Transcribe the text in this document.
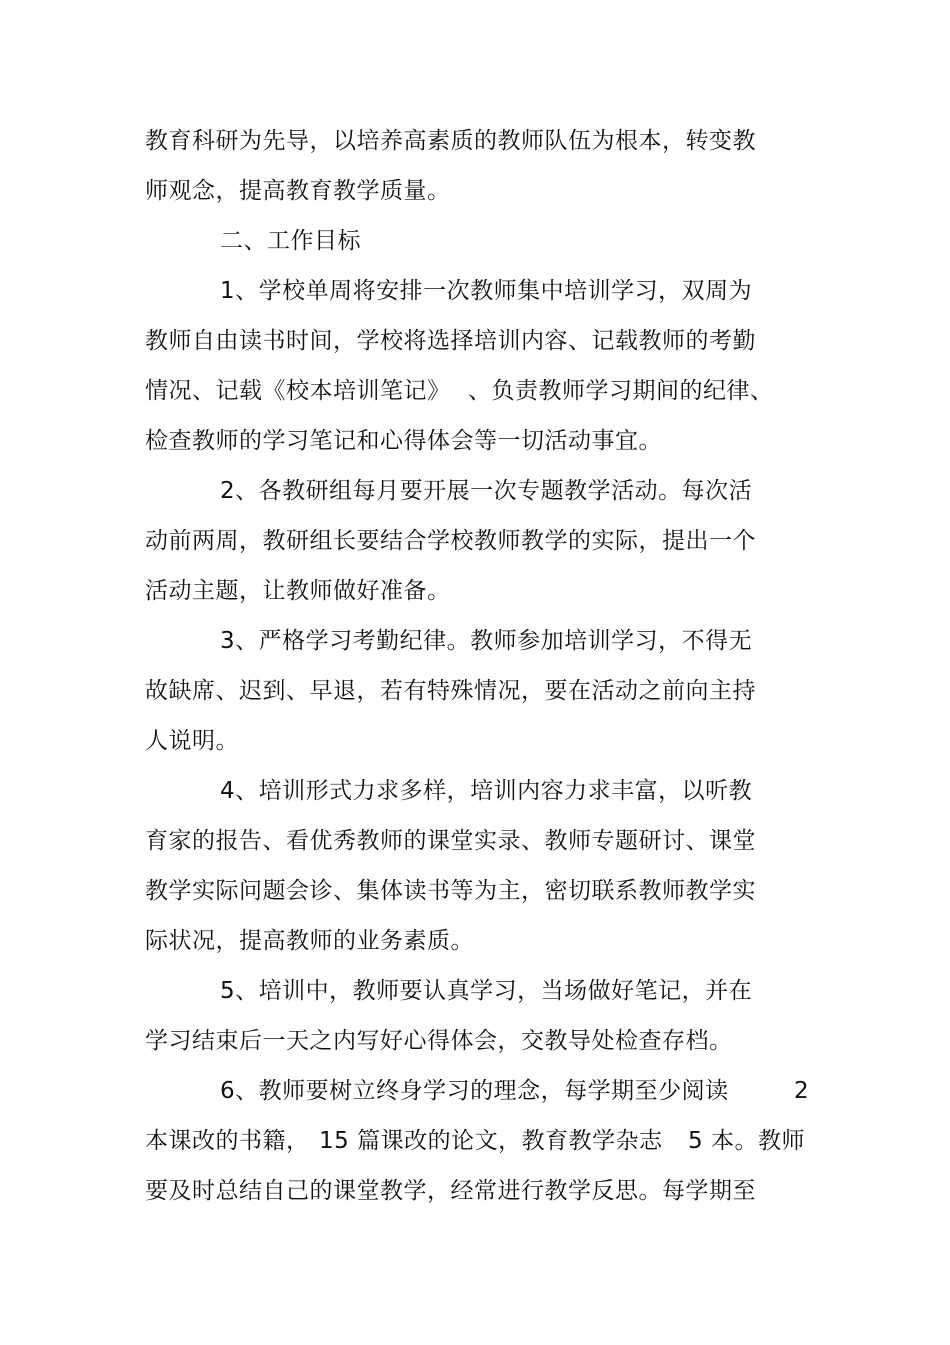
教育科研为先导，以培养高素质的教师队伍为根本，转变教
师观念，提高教育教学质量。
二、工作目标
1、学校单周将安排一次教师集中培训学习，双周为
教师自由读书时间，学校将选择培训内容、记载教师的考勤
情况、记载《校本培训笔记》 、负责教师学习期间的纪律、
检查教师的学习笔记和心得体会等一切活动事宜。
2、各教研组每月要开展一次专题教学活动。每次活
动前两周，教研组长要结合学校教师教学的实际，提出一个
活动主题，让教师做好准备。
3、严格学习考勤纪律。教师参加培训学习，不得无
故缺席、迟到、早退，若有特殊情况，要在活动之前向主持
人说明。
4、培训形式力求多样，培训内容力求丰富，以听教
育家的报告、看优秀教师的课堂实录、教师专题研讨、课堂
教学实际问题会诊、集体读书等为主，密切联系教师教学实
际状况，提高教师的业务素质。
5、培训中，教师要认真学习，当场做好笔记，并在
学习结束后一天之内写好心得体会，交教导处检查存档。
6、教师要树立终身学习的理念，每学期至少阅读	2
本课改的书籍， 15 篇课改的论文，教育教学杂志 5 本。教师
要及时总结自己的课堂教学，经常进行教学反思。每学期至
